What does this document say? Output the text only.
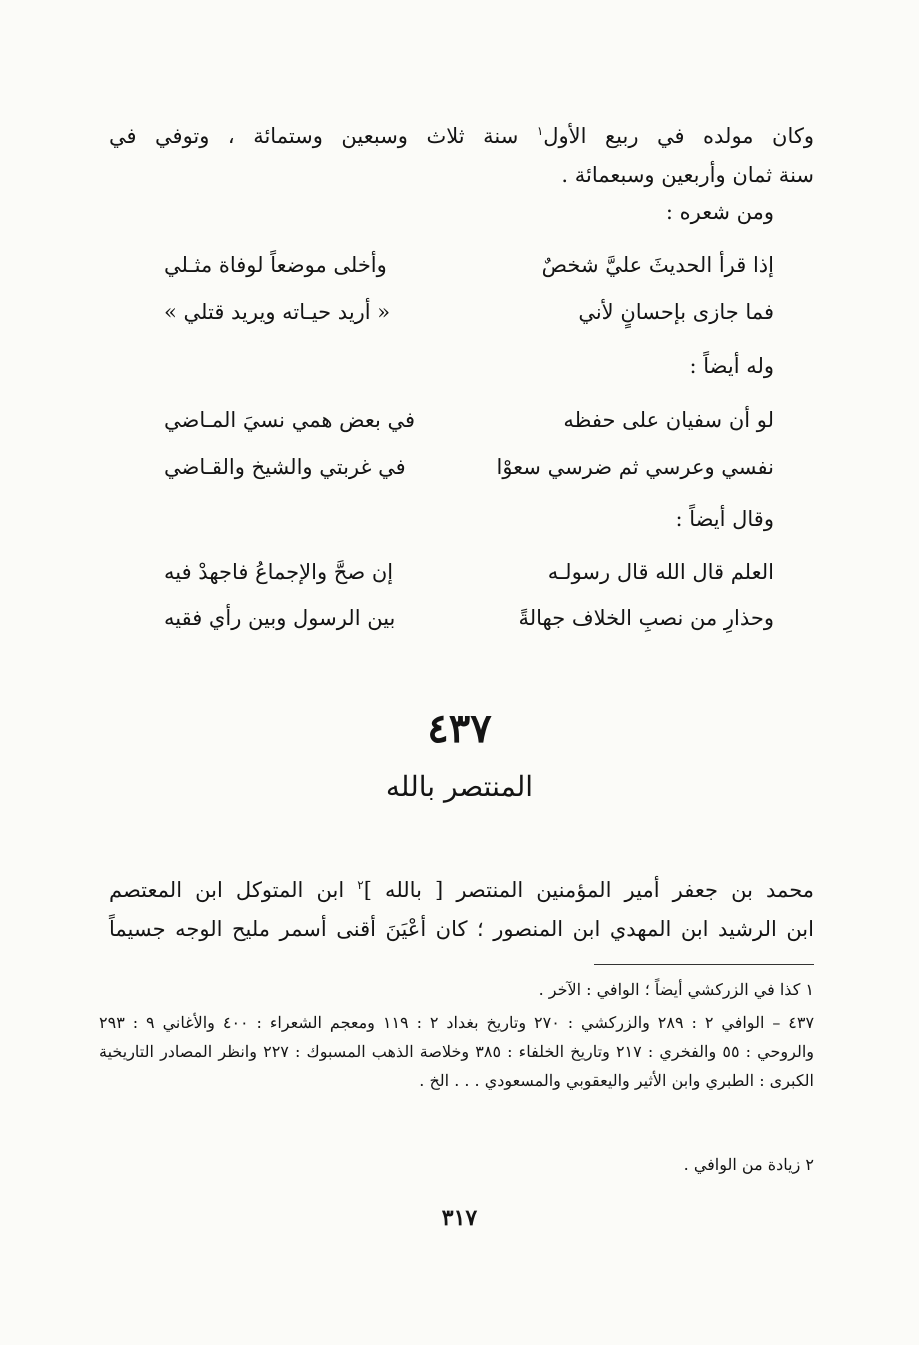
وكان مولده في ربيع الأول$^١$ سنة ثلاث وسبعين وستمائة ، وتوفي في
سنة ثمان وأربعين وسبعمائة .
ومن شعره :
إذا قرأ الحديثَ عليَّ شخصٌ
وأخلى موضعاً لوفاة مثـلي
فما جازى بإحسانٍ لأني
« أريد حيـاته ويريد قتلي »
وله أيضاً :
لو أن سفيان على حفظه
في بعض همي نسيَ المـاضي
نفسي وعرسي ثم ضرسي سعوْا
في غربتي والشيخ والقـاضي
وقال أيضاً :
العلم قال الله قال رسولـه
إن صحَّ والإجماعُ فاجهدْ فيه
وحذارِ من نصبِ الخلاف جهالةً
بين الرسول وبين رأي فقيه
٤٣٧
المنتصر بالله
محمد بن جعفر أمير المؤمنين المنتصر [ بالله ]$^٢$ ابن المتوكل ابن المعتصم
ابن الرشيد ابن المهدي ابن المنصور ؛ كان أعْيَنَ أقنى أسمر مليح الوجه جسيماً
١ كذا في الزركشي أيضاً ؛ الوافي : الآخر .
٤٣٧ – الوافي ٢ : ٢٨٩ والزركشي : ٢٧٠ وتاريخ بغداد ٢ : ١١٩ ومعجم الشعراء : ٤٠٠ والأغاني ٩ : ٢٩٣ والروحي : ٥٥ والفخري : ٢١٧ وتاريخ الخلفاء : ٣٨٥ وخلاصة الذهب المسبوك : ٢٢٧ وانظر المصادر التاريخية الكبرى : الطبري وابن الأثير واليعقوبي والمسعودي . . . الخ .
٢ زيادة من الوافي .
٣١٧
